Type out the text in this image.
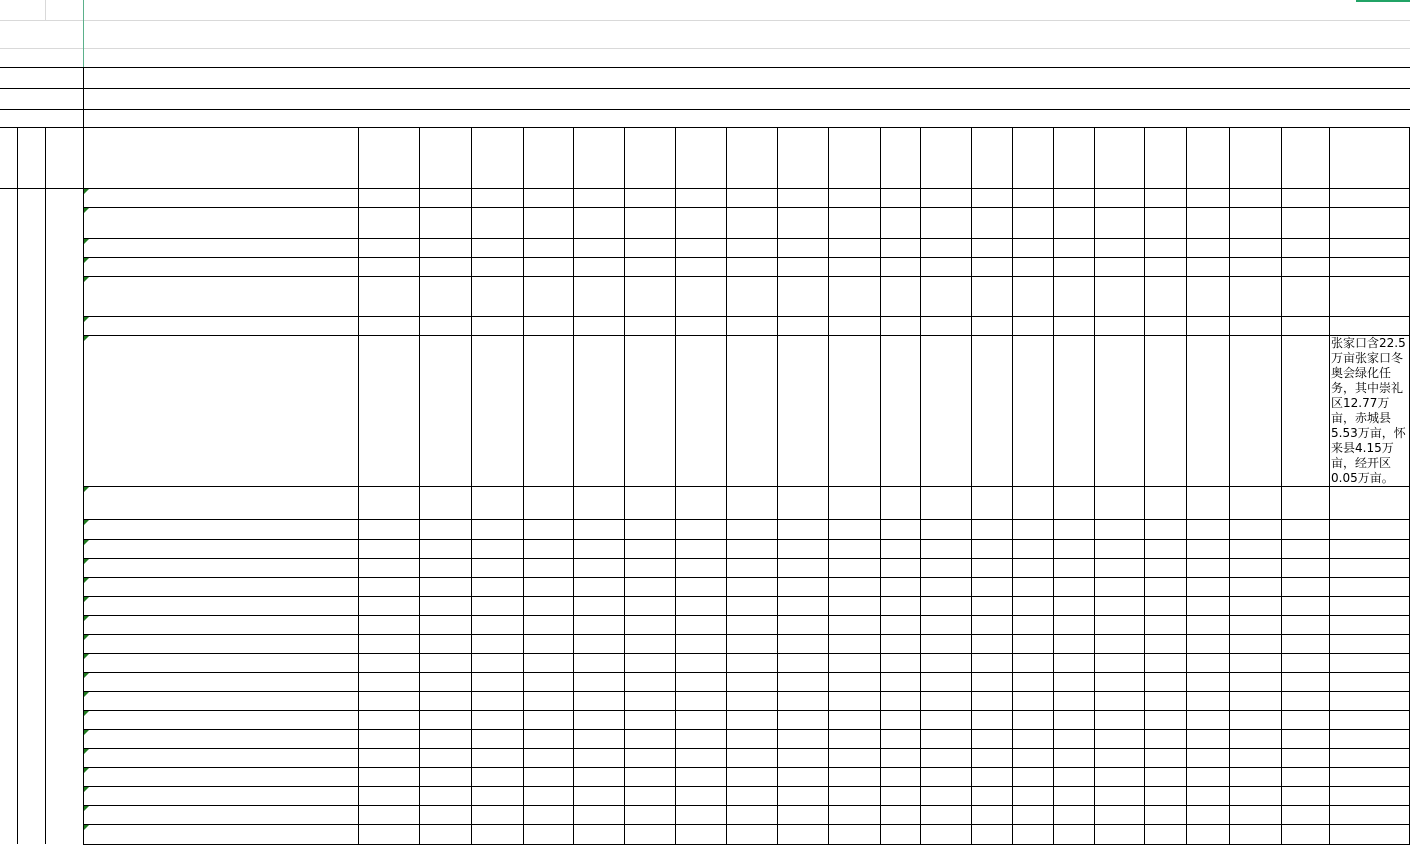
张家口含22.5万亩张家口冬奥会绿化任务，其中崇礼区12.77万亩，赤城县5.53万亩，怀来县4.15万亩，经开区0.05万亩。
